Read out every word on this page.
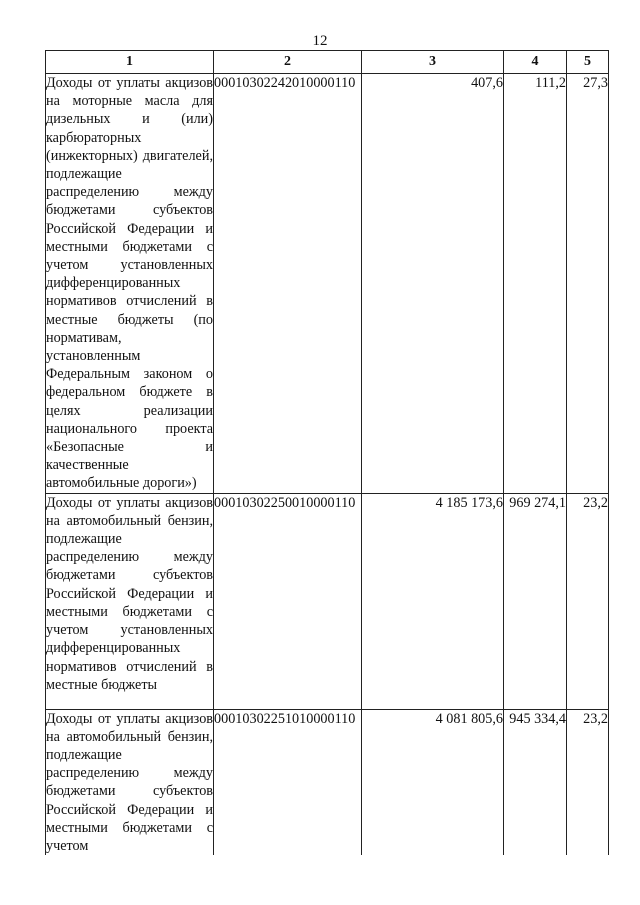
12
1	2	3	4	5
Доходы от уплаты акцизов на моторные масла для дизельных и (или) карбюраторных (инжекторных) двигателей, подлежащие распределению между бюджетами субъектов Российской Федерации и местными бюджетами с учетом установленных дифференцированных нормативов отчислений в местные бюджеты (по нормативам, установленным Федеральным законом о федеральном бюджете в целях реализации национального проекта «Безопасные и качественные автомобильные дороги»)	00010302242010000110	407,6	111,2	27,3
Доходы от уплаты акцизов на автомобильный бензин, подлежащие распределению между бюджетами субъектов Российской Федерации и местными бюджетами с учетом установленных дифференцированных нормативов отчислений в местные бюджеты	00010302250010000110	4 185 173,6	969 274,1	23,2
Доходы от уплаты акцизов на автомобильный бензин, подлежащие распределению между бюджетами субъектов Российской Федерации и местными бюджетами с учетом	00010302251010000110	4 081 805,6	945 334,4	23,2
